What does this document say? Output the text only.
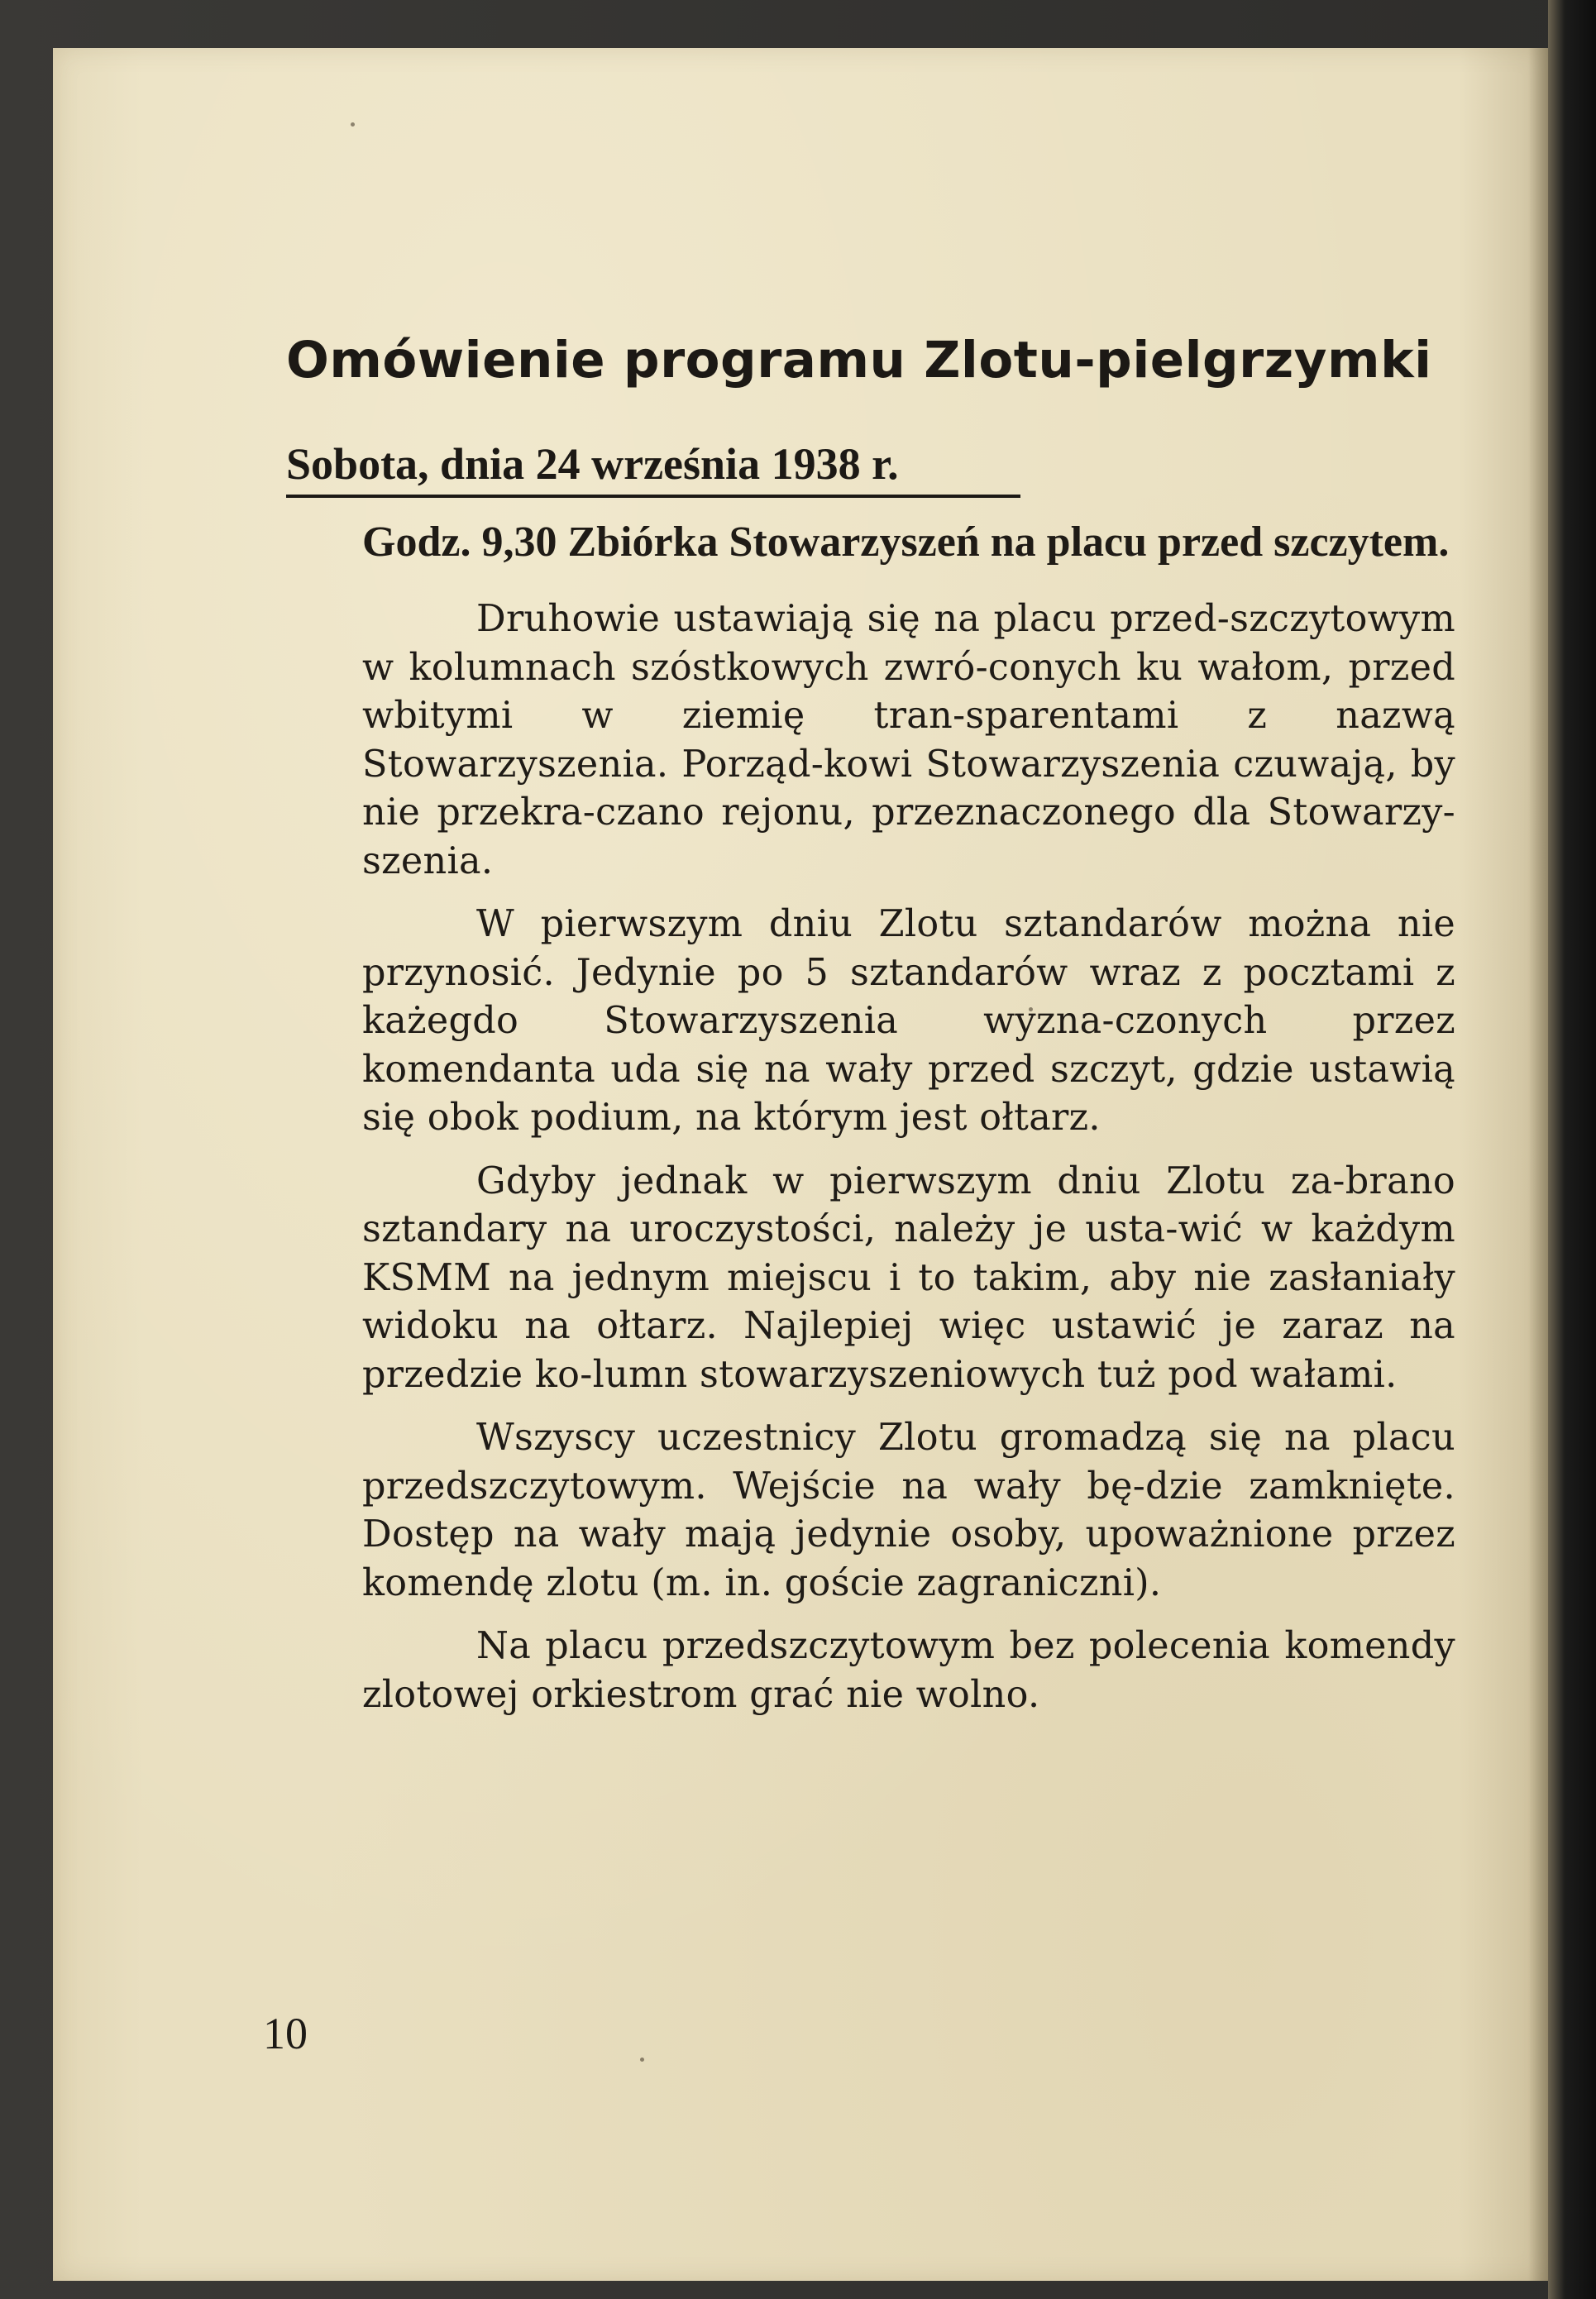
Omówienie programu Zlotu-pielgrzymki
Sobota, dnia 24 września 1938 r.

Godz. 9,30 Zbiórka Stowarzyszeń na placu przed szczytem.

Druhowie ustawiają się na placu przed-szczytowym w kolumnach szóstkowych zwró-conych ku wałom, przed wbitymi w ziemię tran-sparentami z nazwą Stowarzyszenia. Porząd-kowi Stowarzyszenia czuwają, by nie przekra-czano rejonu, przeznaczonego dla Stowarzy-szenia.

W pierwszym dniu Zlotu sztandarów można nie przynosić. Jedynie po 5 sztandarów wraz z pocztami z każegdo Stowarzyszenia wyzna-czonych przez komendanta uda się na wały przed szczyt, gdzie ustawią się obok podium, na którym jest ołtarz.

Gdyby jednak w pierwszym dniu Zlotu za-brano sztandary na uroczystości, należy je usta-wić w każdym KSMM na jednym miejscu i to takim, aby nie zasłaniały widoku na ołtarz. Najlepiej więc ustawić je zaraz na przedzie ko-lumn stowarzyszeniowych tuż pod wałami.

Wszyscy uczestnicy Zlotu gromadzą się na placu przedszczytowym. Wejście na wały bę-dzie zamknięte. Dostęp na wały mają jedynie osoby, upoważnione przez komendę zlotu (m. in. goście zagraniczni).

Na placu przedszczytowym bez polecenia komendy zlotowej orkiestrom grać nie wolno.

10
